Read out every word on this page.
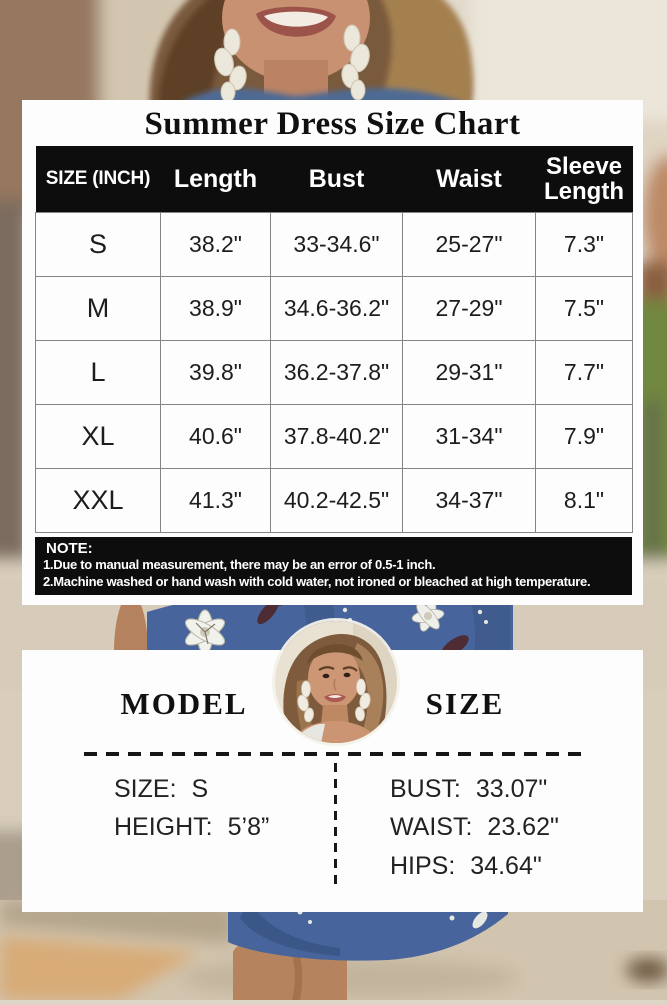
Summer Dress Size Chart
SIZE (INCH)	Length	Bust	Waist	Sleeve Length
S	38.2"	33-34.6"	25-27"	7.3"
M	38.9"	34.6-36.2"	27-29"	7.5"
L	39.8"	36.2-37.8"	29-31"	7.7"
XL	40.6"	37.8-40.2"	31-34"	7.9"
XXL	41.3"	40.2-42.5"	34-37"	8.1"
NOTE:
1.Due to manual measurement, there may be an error of 0.5-1 inch.
2.Machine washed or hand wash with cold water, not ironed or bleached at high temperature.
MODEL	SIZE
SIZE: S
HEIGHT: 5’8”
BUST: 33.07"
WAIST: 23.62"
HIPS: 34.64"
